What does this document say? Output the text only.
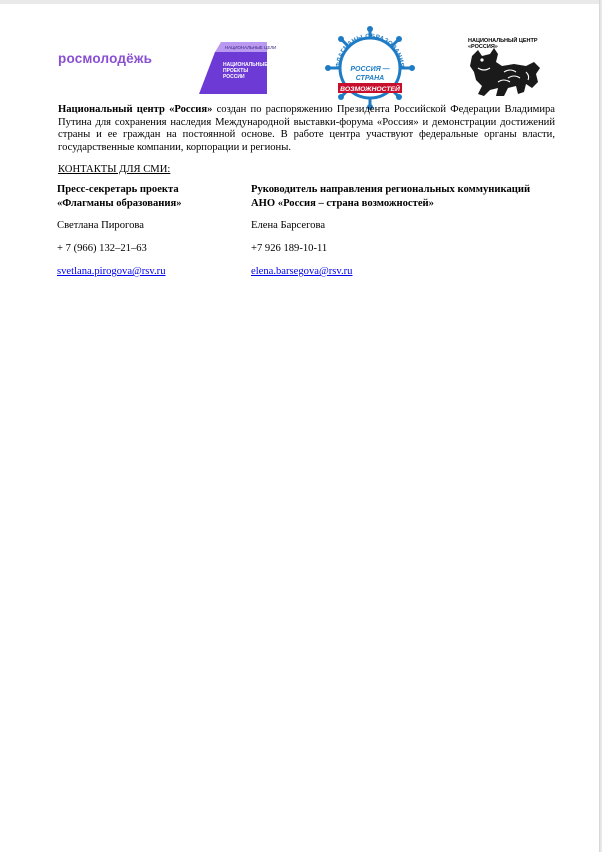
росмолодёжь
НАЦИОНАЛЬНЫЕ ЦЕЛИ
НАЦИОНАЛЬНЫЕ ПРОЕКТЫ РОССИИ
ФЛАГМАНЫ ОБРАЗОВАНИЯ
РОССИЯ —
СТРАНА
ВОЗМОЖНОСТЕЙ
НАЦИОНАЛЬНЫЙ ЦЕНТР «РОССИЯ»
Национальный центр «Россия» создан по распоряжению Президента Российской Федерации Владимира Путина для сохранения наследия Международной выставки-форума «Россия» и демонстрации достижений страны и ее граждан на постоянной основе. В работе центра участвуют федеральные органы власти, государственные компании, корпорации и регионы.
КОНТАКТЫ ДЛЯ СМИ:
Пресс-секретарь проекта
«Флагманы образования»
Светлана Пирогова
+ 7 (966) 132–21–63
svetlana.pirogova@rsv.ru
Руководитель направления региональных коммуникаций
АНО «Россия – страна возможностей»
Елена Барсегова
+7 926 189-10-11
elena.barsegova@rsv.ru
